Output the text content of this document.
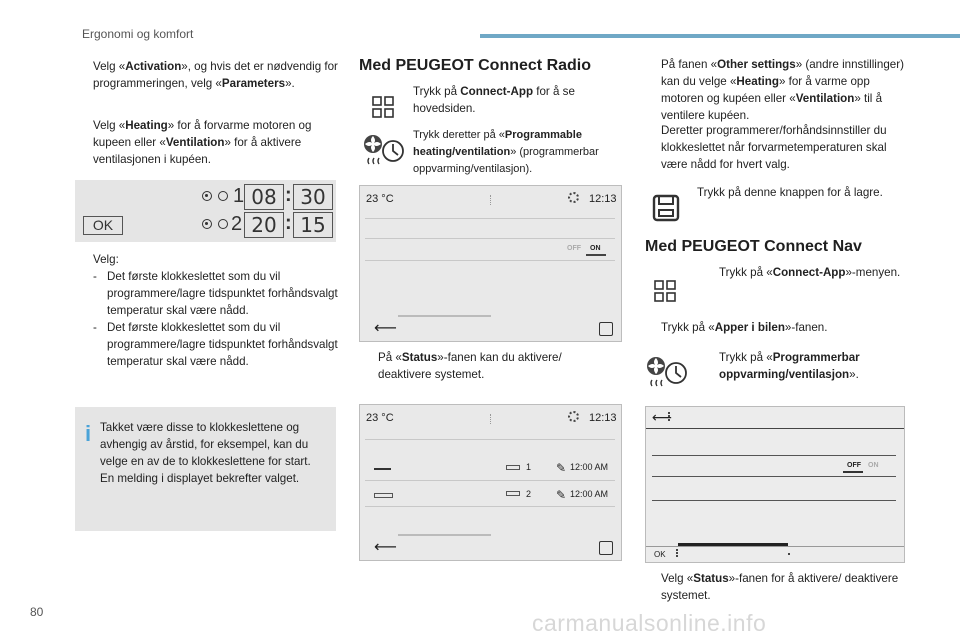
Ergonomi og komfort
Velg «Activation», og hvis det er nødvendig for programmeringen, velg «Parameters».
Velg «Heating» for å forvarme motoren og kupeen eller «Ventilation» for å aktivere ventilasjonen i kupéen.
OK
1 08 : 30
2 20 : 15
Velg:
- Det første klokkeslettet som du vil programmere/lagre tidspunktet forhåndsvalgt temperatur skal være nådd.
- Det første klokkeslettet som du vil programmere/lagre tidspunktet forhåndsvalgt temperatur skal være nådd.
i Takket være disse to klokkeslettene og avhengig av årstid, for eksempel, kan du velge en av de to klokkeslettene for start. En melding i displayet bekrefter valget.
Med PEUGEOT Connect Radio
Trykk på Connect-App for å se hovedsiden.
Trykk deretter på «Programmable heating/ventilation» (programmerbar oppvarming/ventilasjon).
23 °C	12:13
OFF ON
⟵
På «Status»-fanen kan du aktivere/ deaktivere systemet.
23 °C	12:13
1 ✎ 12:00 AM
2 ✎ 12:00 AM
⟵
På fanen «Other settings» (andre innstillinger) kan du velge «Heating» for å varme opp motoren og kupéen eller «Ventilation» til å ventilere kupéen.
Deretter programmerer/forhåndsinnstiller du klokkeslettet når forvarmetemperaturen skal være nådd for hvert valg.
Trykk på denne knappen for å lagre.
Med PEUGEOT Connect Nav
Trykk på «Connect-App»-menyen.
Trykk på «Apper i bilen»-fanen.
Trykk på «Programmerbar oppvarming/ventilasjon».
⟵
OFF ON
OK
Velg «Status»-fanen for å aktivere/ deaktivere systemet.
80	carmanualsonline.info
